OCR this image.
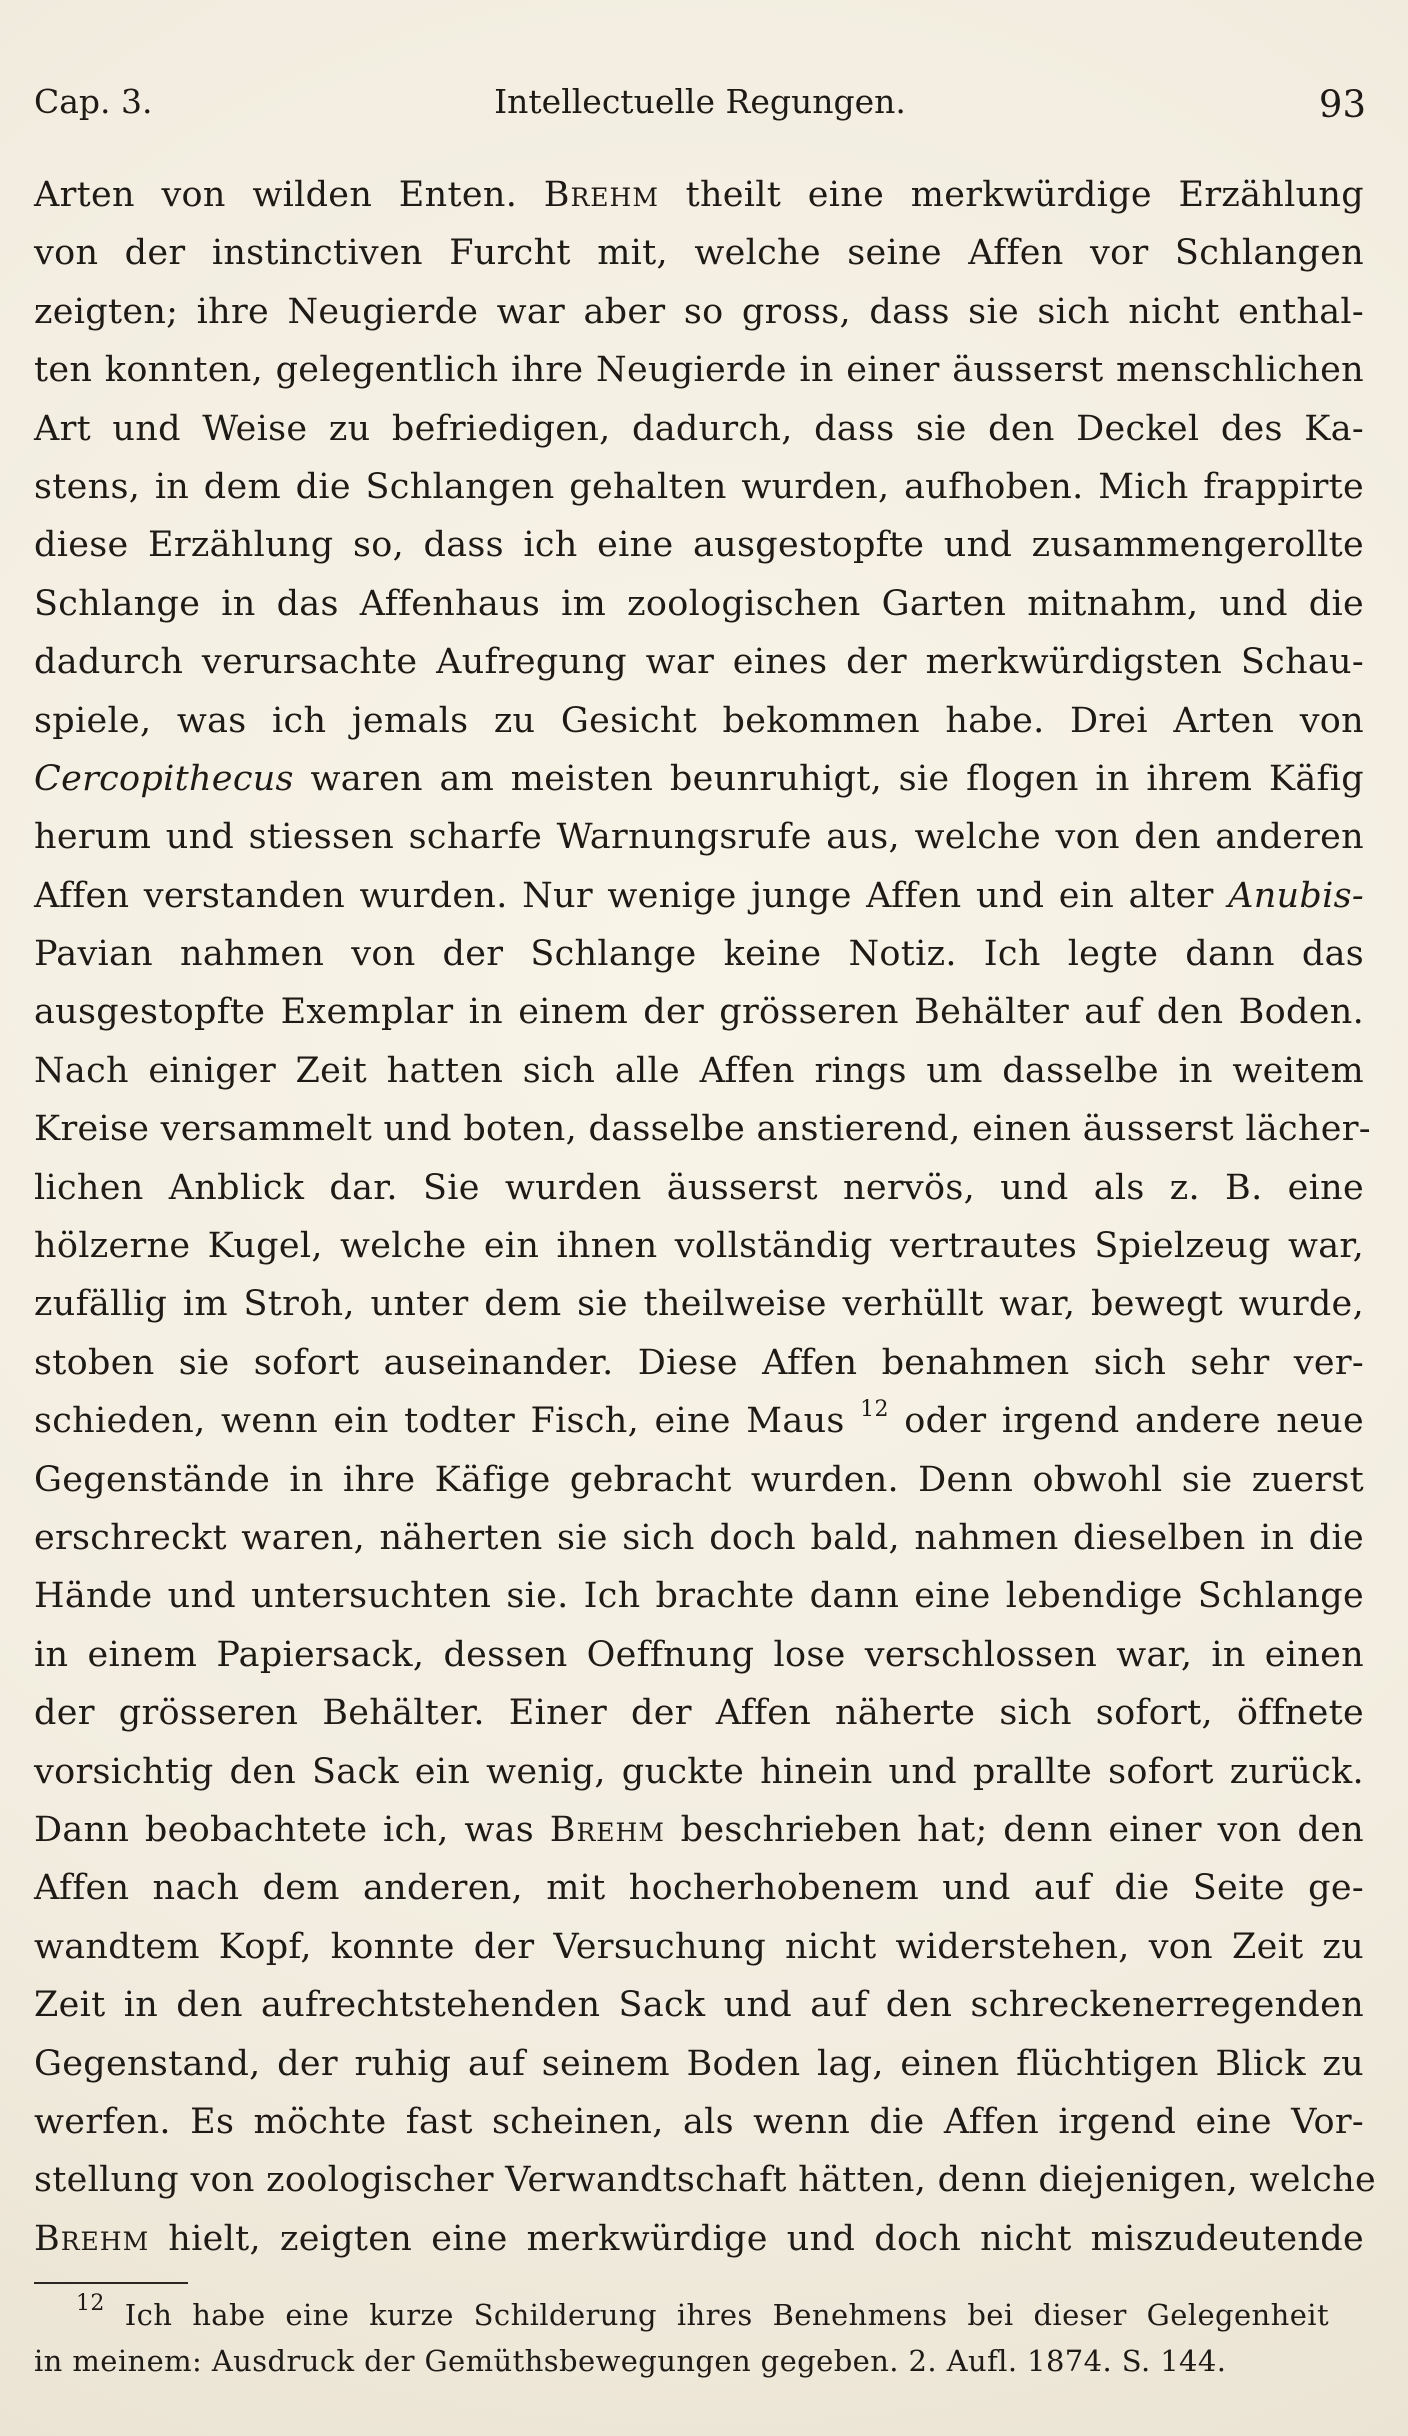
Cap. 3.	Intellectuelle Regungen.	93
Arten von wilden Enten. Brehm theilt eine merkwürdige Erzählung
von der instinctiven Furcht mit, welche seine Affen vor Schlangen
zeigten; ihre Neugierde war aber so gross, dass sie sich nicht enthal-
ten konnten, gelegentlich ihre Neugierde in einer äusserst menschlichen
Art und Weise zu befriedigen, dadurch, dass sie den Deckel des Ka-
stens, in dem die Schlangen gehalten wurden, aufhoben. Mich frappirte
diese Erzählung so, dass ich eine ausgestopfte und zusammengerollte
Schlange in das Affenhaus im zoologischen Garten mitnahm, und die
dadurch verursachte Aufregung war eines der merkwürdigsten Schau-
spiele, was ich jemals zu Gesicht bekommen habe. Drei Arten von
Cercopithecus waren am meisten beunruhigt, sie flogen in ihrem Käfig
herum und stiessen scharfe Warnungsrufe aus, welche von den anderen
Affen verstanden wurden. Nur wenige junge Affen und ein alter Anubis-
Pavian nahmen von der Schlange keine Notiz. Ich legte dann das
ausgestopfte Exemplar in einem der grösseren Behälter auf den Boden.
Nach einiger Zeit hatten sich alle Affen rings um dasselbe in weitem
Kreise versammelt und boten, dasselbe anstierend, einen äusserst lächer-
lichen Anblick dar. Sie wurden äusserst nervös, und als z. B. eine
hölzerne Kugel, welche ein ihnen vollständig vertrautes Spielzeug war,
zufällig im Stroh, unter dem sie theilweise verhüllt war, bewegt wurde,
stoben sie sofort auseinander. Diese Affen benahmen sich sehr ver-
schieden, wenn ein todter Fisch, eine Maus $^{12}$ oder irgend andere neue
Gegenstände in ihre Käfige gebracht wurden. Denn obwohl sie zuerst
erschreckt waren, näherten sie sich doch bald, nahmen dieselben in die
Hände und untersuchten sie. Ich brachte dann eine lebendige Schlange
in einem Papiersack, dessen Oeffnung lose verschlossen war, in einen
der grösseren Behälter. Einer der Affen näherte sich sofort, öffnete
vorsichtig den Sack ein wenig, guckte hinein und prallte sofort zurück.
Dann beobachtete ich, was Brehm beschrieben hat; denn einer von den
Affen nach dem anderen, mit hocherhobenem und auf die Seite ge-
wandtem Kopf, konnte der Versuchung nicht widerstehen, von Zeit zu
Zeit in den aufrechtstehenden Sack und auf den schreckenerregenden
Gegenstand, der ruhig auf seinem Boden lag, einen flüchtigen Blick zu
werfen. Es möchte fast scheinen, als wenn die Affen irgend eine Vor-
stellung von zoologischer Verwandtschaft hätten, denn diejenigen, welche
Brehm hielt, zeigten eine merkwürdige und doch nicht miszudeutende
$^{12}$ Ich habe eine kurze Schilderung ihres Benehmens bei dieser Gelegenheit
in meinem: Ausdruck der Gemüthsbewegungen gegeben. 2. Aufl. 1874. S. 144.
